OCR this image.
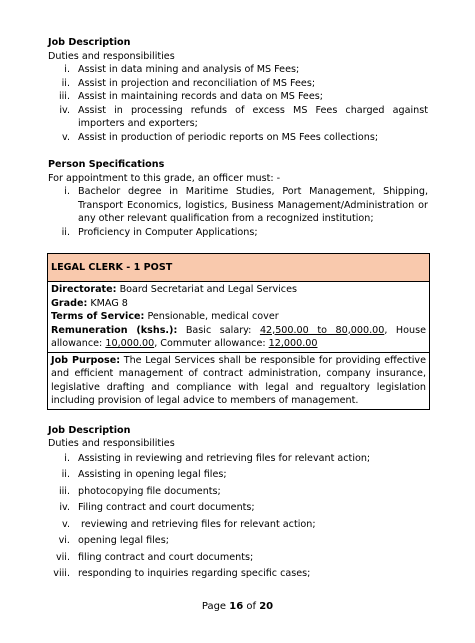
Job Description

Duties and responsibilities

i. Assist in data mining and analysis of MS Fees;
ii. Assist in projection and reconciliation of MS Fees;
iii. Assist in maintaining records and data on MS Fees;
iv. Assist in processing refunds of excess MS Fees charged against importers and exporters;
v. Assist in production of periodic reports on MS Fees collections;

Person Specifications

For appointment to this grade, an officer must: -

i. Bachelor degree in Maritime Studies, Port Management, Shipping, Transport Economics, logistics, Business Management/Administration or any other relevant qualification from a recognized institution;
ii. Proficiency in Computer Applications;
LEGAL CLERK - 1 POST

Directorate: Board Secretariat and Legal Services
Grade: KMAG 8
Terms of Service: Pensionable, medical cover
Remuneration (kshs.): Basic salary: 42,500.00 to 80,000.00, House allowance: 10,000.00, Commuter allowance: 12,000.00

Job Purpose: The Legal Services shall be responsible for providing effective and efficient management of contract administration, company insurance, legislative drafting and compliance with legal and regualtory legislation including provision of legal advice to members of management.

Job Description

Duties and responsibilities

i. Assisting in reviewing and retrieving files for relevant action;
ii. Assisting in opening legal files;
iii. photocopying file documents;
iv. Filing contract and court documents;
v. reviewing and retrieving files for relevant action;
vi. opening legal files;
vii. filing contract and court documents;
viii. responding to inquiries regarding specific cases;
Page 16 of 20
